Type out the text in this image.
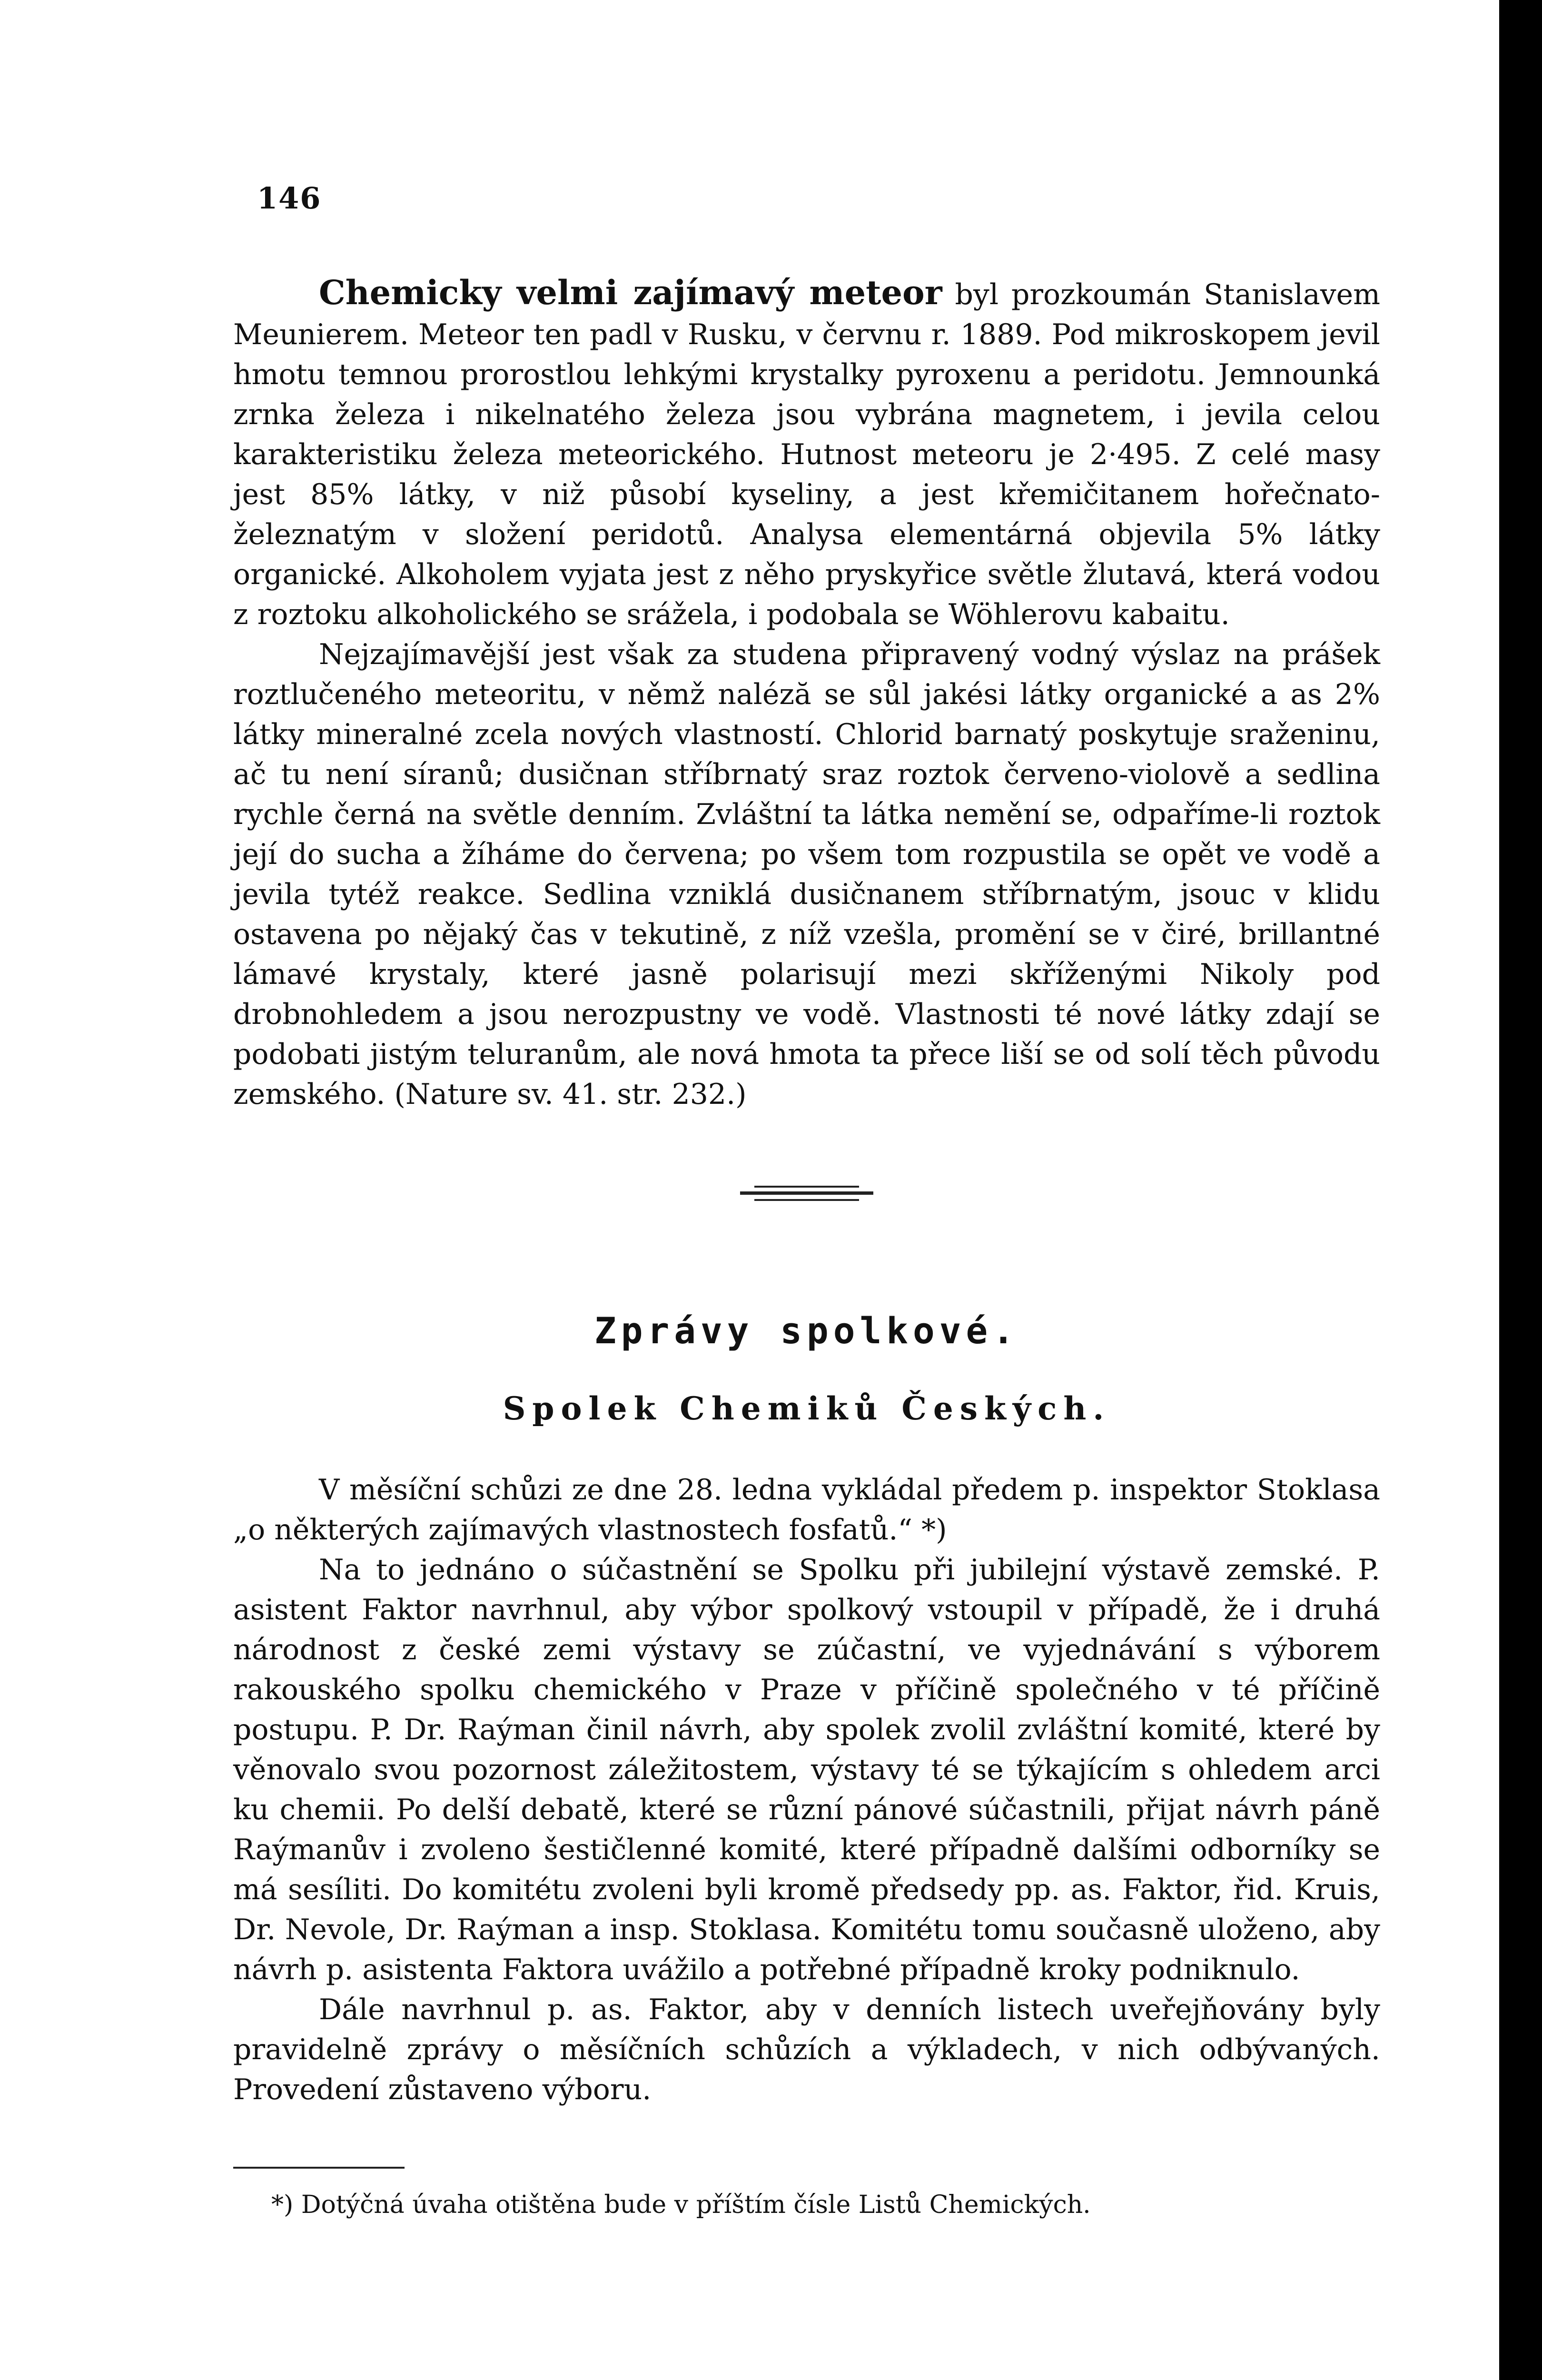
146

Chemicky velmi zajímavý meteor byl prozkoumán Stanislavem Meunierem. Meteor ten padl v Rusku, v červnu r. 1889. Pod mikroskopem jevil hmotu temnou prorostlou lehkými krystalky pyroxenu a peridotu. Jemnounká zrnka železa i nikelnatého železa jsou vybrána magnetem, i jevila celou karakteristiku železa meteorického. Hutnost meteoru je 2·495. Z celé masy jest 85% látky, v niž působí kyseliny, a jest křemičitanem hořečnato-železnatým v složení peridotů. Analysa elementárná objevila 5% látky organické. Alkoholem vyjata jest z něho pryskyřice světle žlutavá, která vodou z roztoku alkoholického se srážela, i podobala se Wöhlerovu kabaitu.

Nejzajímavější jest však za studena připravený vodný výslaz na prášek roztlučeného meteoritu, v němž naléză se sůl jakési látky organické a as 2% látky mineralné zcela nových vlastností. Chlorid barnatý poskytuje sraženinu, ač tu není síranů; dusičnan stříbrnatý sraz roztok červeno-violově a sedlina rychle černá na světle denním. Zvláštní ta látka nemění se, odpaříme-li roztok její do sucha a žíháme do červena; po všem tom rozpustila se opět ve vodě a jevila tytéž reakce. Sedlina vzniklá dusičnanem stříbrnatým, jsouc v klidu ostavena po nějaký čas v tekutině, z níž vzešla, promění se v čiré, brillantné lámavé krystaly, které jasně polarisují mezi skříženými Nikoly pod drobnohledem a jsou nerozpustny ve vodě. Vlastnosti té nové látky zdají se podobati jistým teluranům, ale nová hmota ta přece liší se od solí těch původu zemského. (Nature sv. 41. str. 232.)

Zprávy spolkové.
Spolek Chemiků Českých.

V měsíční schůzi ze dne 28. ledna vykládal předem p. inspektor Stoklasa „o některých zajímavých vlastnostech fosfatů.“ *)

Na to jednáno o súčastnění se Spolku při jubilejní výstavě zemské. P. asistent Faktor navrhnul, aby výbor spolkový vstoupil v případě, že i druhá národnost z české zemi výstavy se zúčastní, ve vyjednávání s výborem rakouského spolku chemického v Praze v příčině společného v té příčině postupu. P. Dr. Raýman činil návrh, aby spolek zvolil zvláštní komité, které by věnovalo svou pozornost záležitostem, výstavy té se týkajícím s ohledem arci ku chemii. Po delší debatě, které se různí pánové súčastnili, přijat návrh páně Raýmanův i zvoleno šestičlenné komité, které případně dalšími odborníky se má sesíliti. Do komitétu zvoleni byli kromě předsedy pp. as. Faktor, řid. Kruis, Dr. Nevole, Dr. Raýman a insp. Stoklasa. Komitétu tomu současně uloženo, aby návrh p. asistenta Faktora uvážilo a potřebné případně kroky podniknulo.

Dále navrhnul p. as. Faktor, aby v denních listech uveřejňovány byly pravidelně zprávy o měsíčních schůzích a výkladech, v nich odbývaných. Provedení zůstaveno výboru.

*) Dotýčná úvaha otištěna bude v příštím čísle Listů Chemických.
